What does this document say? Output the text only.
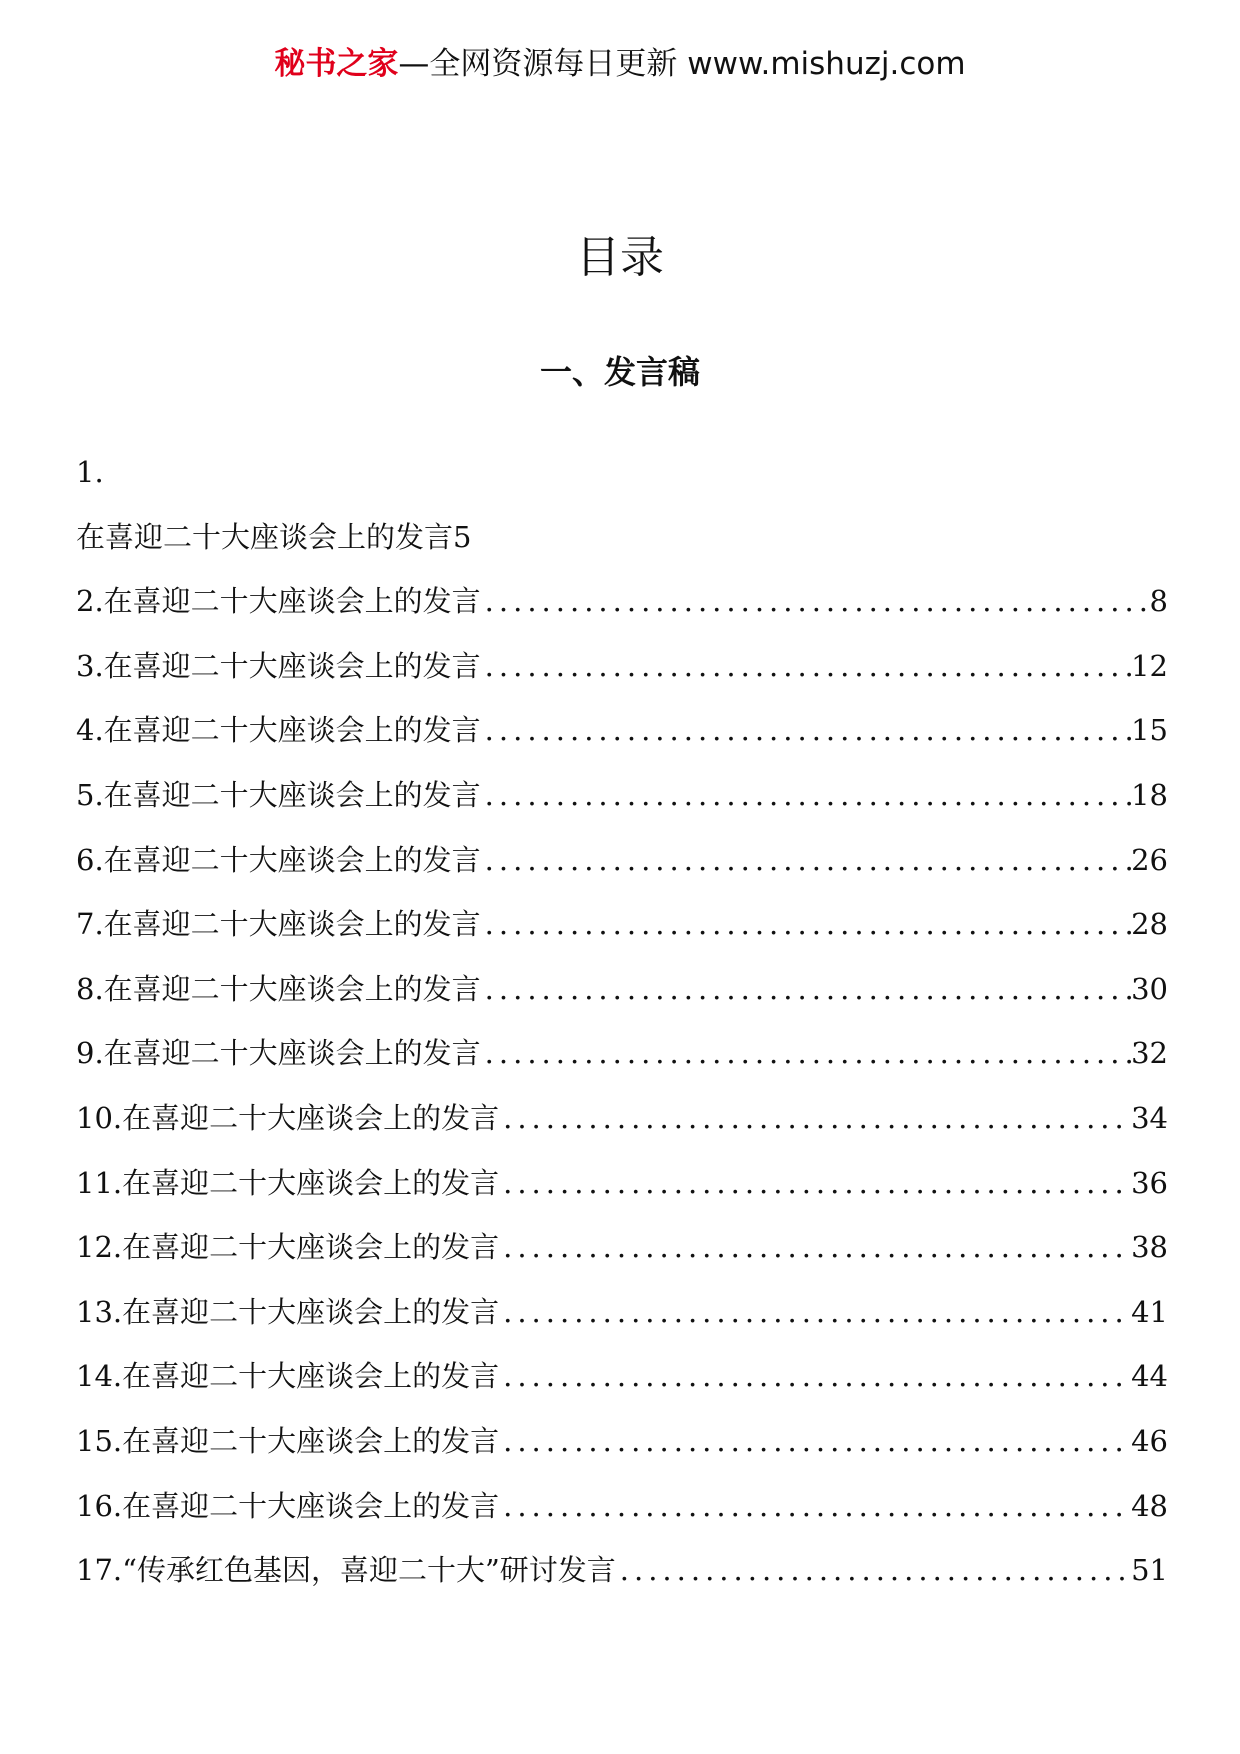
秘书之家—全网资源每日更新 www.mishuzj.com
目录
一、发言稿
1.
在喜迎二十大座谈会上的发言5
2.在喜迎二十大座谈会上的发言 .....	8
3.在喜迎二十大座谈会上的发言 .....	12
4.在喜迎二十大座谈会上的发言 .....	15
5.在喜迎二十大座谈会上的发言 .....	18
6.在喜迎二十大座谈会上的发言 .....	26
7.在喜迎二十大座谈会上的发言 .....	28
8.在喜迎二十大座谈会上的发言 .....	30
9.在喜迎二十大座谈会上的发言 .....	32
10.在喜迎二十大座谈会上的发言 .....	34
11.在喜迎二十大座谈会上的发言 .....	36
12.在喜迎二十大座谈会上的发言 .....	38
13.在喜迎二十大座谈会上的发言 .....	41
14.在喜迎二十大座谈会上的发言 .....	44
15.在喜迎二十大座谈会上的发言 .....	46
16.在喜迎二十大座谈会上的发言 .....	48
17.“传承红色基因，喜迎二十大”研讨发言 .....	51
